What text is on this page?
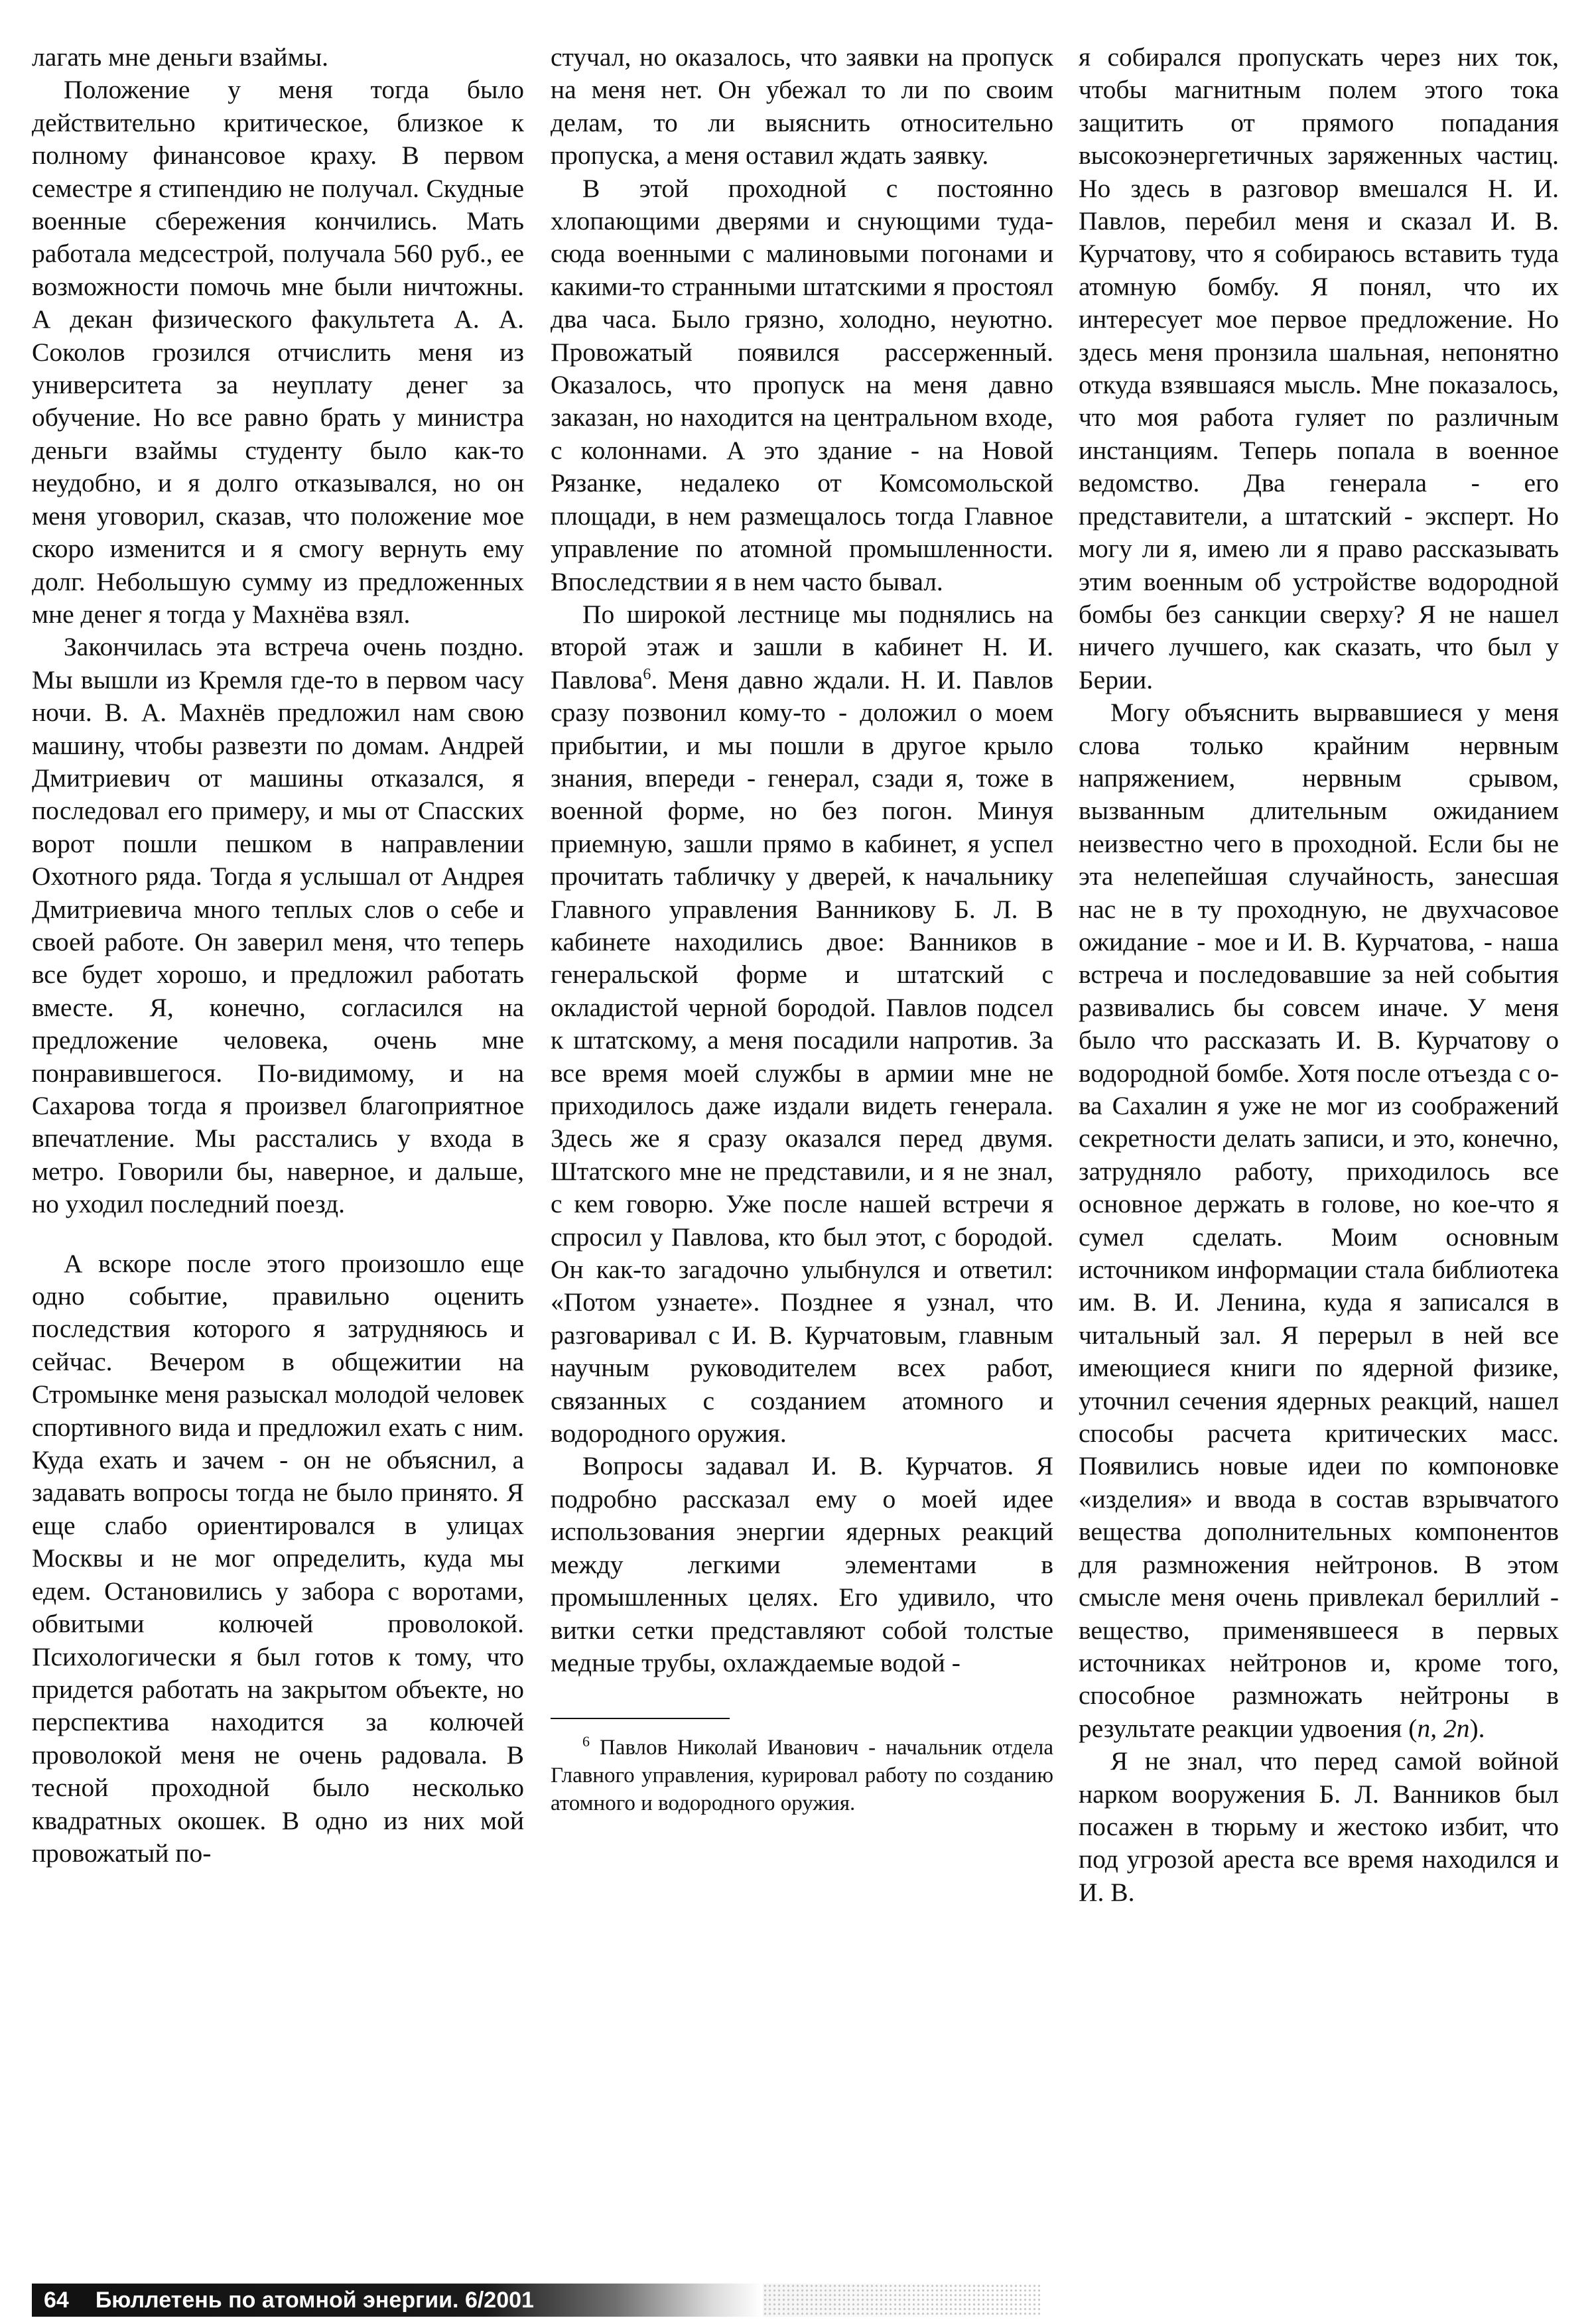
лагать мне деньги взаймы.

Положение у меня тогда было действительно критическое, близкое к полному финансовое краху. В первом семестре я стипендию не получал. Скудные военные сбережения кончились. Мать работала медсестрой, получала 560 руб., ее возможности помочь мне были ничтожны. А декан физического факультета А. А. Соколов грозился отчислить меня из университета за неуплату денег за обучение. Но все равно брать у министра деньги взаймы студенту было как-то неудобно, и я долго отказывался, но он меня уговорил, сказав, что положение мое скоро изменится и я смогу вернуть ему долг. Небольшую сумму из предложенных мне денег я тогда у Махнёва взял.

Закончилась эта встреча очень поздно. Мы вышли из Кремля где-то в первом часу ночи. В. А. Махнёв предложил нам свою машину, чтобы развезти по домам. Андрей Дмитриевич от машины отказался, я последовал его примеру, и мы от Спасских ворот пошли пешком в направлении Охотного ряда. Тогда я услышал от Андрея Дмитриевича много теплых слов о себе и своей работе. Он заверил меня, что теперь все будет хорошо, и предложил работать вместе. Я, конечно, согласился на предложение человека, очень мне понравившегося. По-видимому, и на Сахарова тогда я произвел благоприятное впечатление. Мы расстались у входа в метро. Говорили бы, наверное, и дальше, но уходил последний поезд.

А вскоре после этого произошло еще одно событие, правильно оценить последствия которого я затрудняюсь и сейчас. Вечером в общежитии на Стромынке меня разыскал молодой человек спортивного вида и предложил ехать с ним. Куда ехать и зачем - он не объяснил, а задавать вопросы тогда не было принято. Я еще слабо ориентировался в улицах Москвы и не мог определить, куда мы едем. Остановились у забора с воротами, обвитыми колючей проволокой. Психологически я был готов к тому, что придется работать на закрытом объекте, но перспектива находится за колючей проволокой меня не очень радовала. В тесной проходной было несколько квадратных окошек. В одно из них мой провожатый по-

стучал, но оказалось, что заявки на пропуск на меня нет. Он убежал то ли по своим делам, то ли выяснить относительно пропуска, а меня оставил ждать заявку.

В этой проходной с постоянно хлопающими дверями и снующими туда-сюда военными с малиновыми погонами и какими-то странными штатскими я простоял два часа. Было грязно, холодно, неуютно. Провожатый появился рассерженный. Оказалось, что пропуск на меня давно заказан, но находится на центральном входе, с колоннами. А это здание - на Новой Рязанке, недалеко от Комсомольской площади, в нем размещалось тогда Главное управление по атомной промышленности. Впоследствии я в нем часто бывал.

По широкой лестнице мы поднялись на второй этаж и зашли в кабинет Н. И. Павлова$^6$. Меня давно ждали. Н. И. Павлов сразу позвонил кому-то - доложил о моем прибытии, и мы пошли в другое крыло знания, впереди - генерал, сзади я, тоже в военной форме, но без погон. Минуя приемную, зашли прямо в кабинет, я успел прочитать табличку у дверей, к начальнику Главного управления Ванникову Б. Л. В кабинете находились двое: Ванников в генеральской форме и штатский с окладистой черной бородой. Павлов подсел к штатскому, а меня посадили напротив. За все время моей службы в армии мне не приходилось даже издали видеть генерала. Здесь же я сразу оказался перед двумя. Штатского мне не представили, и я не знал, с кем говорю. Уже после нашей встречи я спросил у Павлова, кто был этот, с бородой. Он как-то загадочно улыбнулся и ответил: «Потом узнаете». Позднее я узнал, что разговаривал с И. В. Курчатовым, главным научным руководителем всех работ, связанных с созданием атомного и водородного оружия.

Вопросы задавал И. В. Курчатов. Я подробно рассказал ему о моей идее использования энергии ядерных реакций между легкими элементами в промышленных целях. Его удивило, что витки сетки представляют собой толстые медные трубы, охлаждаемые водой -

$^6$ Павлов Николай Иванович - начальник отдела Главного управления, курировал работу по созданию атомного и водородного оружия.

я собирался пропускать через них ток, чтобы магнитным полем этого тока защитить от прямого попадания высокоэнергетичных заряженных частиц. Но здесь в разговор вмешался Н. И. Павлов, перебил меня и сказал И. В. Курчатову, что я собираюсь вставить туда атомную бомбу. Я понял, что их интересует мое первое предложение. Но здесь меня пронзила шальная, непонятно откуда взявшаяся мысль. Мне показалось, что моя работа гуляет по различным инстанциям. Теперь попала в военное ведомство. Два генерала - его представители, а штатский - эксперт. Но могу ли я, имею ли я право рассказывать этим военным об устройстве водородной бомбы без санкции сверху? Я не нашел ничего лучшего, как сказать, что был у Берии.

Могу объяснить вырвавшиеся у меня слова только крайним нервным напряжением, нервным срывом, вызванным длительным ожиданием неизвестно чего в проходной. Если бы не эта нелепейшая случайность, занесшая нас не в ту проходную, не двухчасовое ожидание - мое и И. В. Курчатова, - наша встреча и последовавшие за ней события развивались бы совсем иначе. У меня было что рассказать И. В. Курчатову о водородной бомбе. Хотя после отъезда с о-ва Сахалин я уже не мог из соображений секретности делать записи, и это, конечно, затрудняло работу, приходилось все основное держать в голове, но кое-что я сумел сделать. Моим основным источником информации стала библиотека им. В. И. Ленина, куда я записался в читальный зал. Я перерыл в ней все имеющиеся книги по ядерной физике, уточнил сечения ядерных реакций, нашел способы расчета критических масс. Появились новые идеи по компоновке «изделия» и ввода в состав взрывчатого вещества дополнительных компонентов для размножения нейтронов. В этом смысле меня очень привлекал бериллий - вещество, применявшееся в первых источниках нейтронов и, кроме того, способное размножать нейтроны в результате реакции удвоения (n, 2n).

Я не знал, что перед самой войной нарком вооружения Б. Л. Ванников был посажен в тюрьму и жестоко избит, что под угрозой ареста все время находился и И. В.

64 Бюллетень по атомной энергии. 6/2001
